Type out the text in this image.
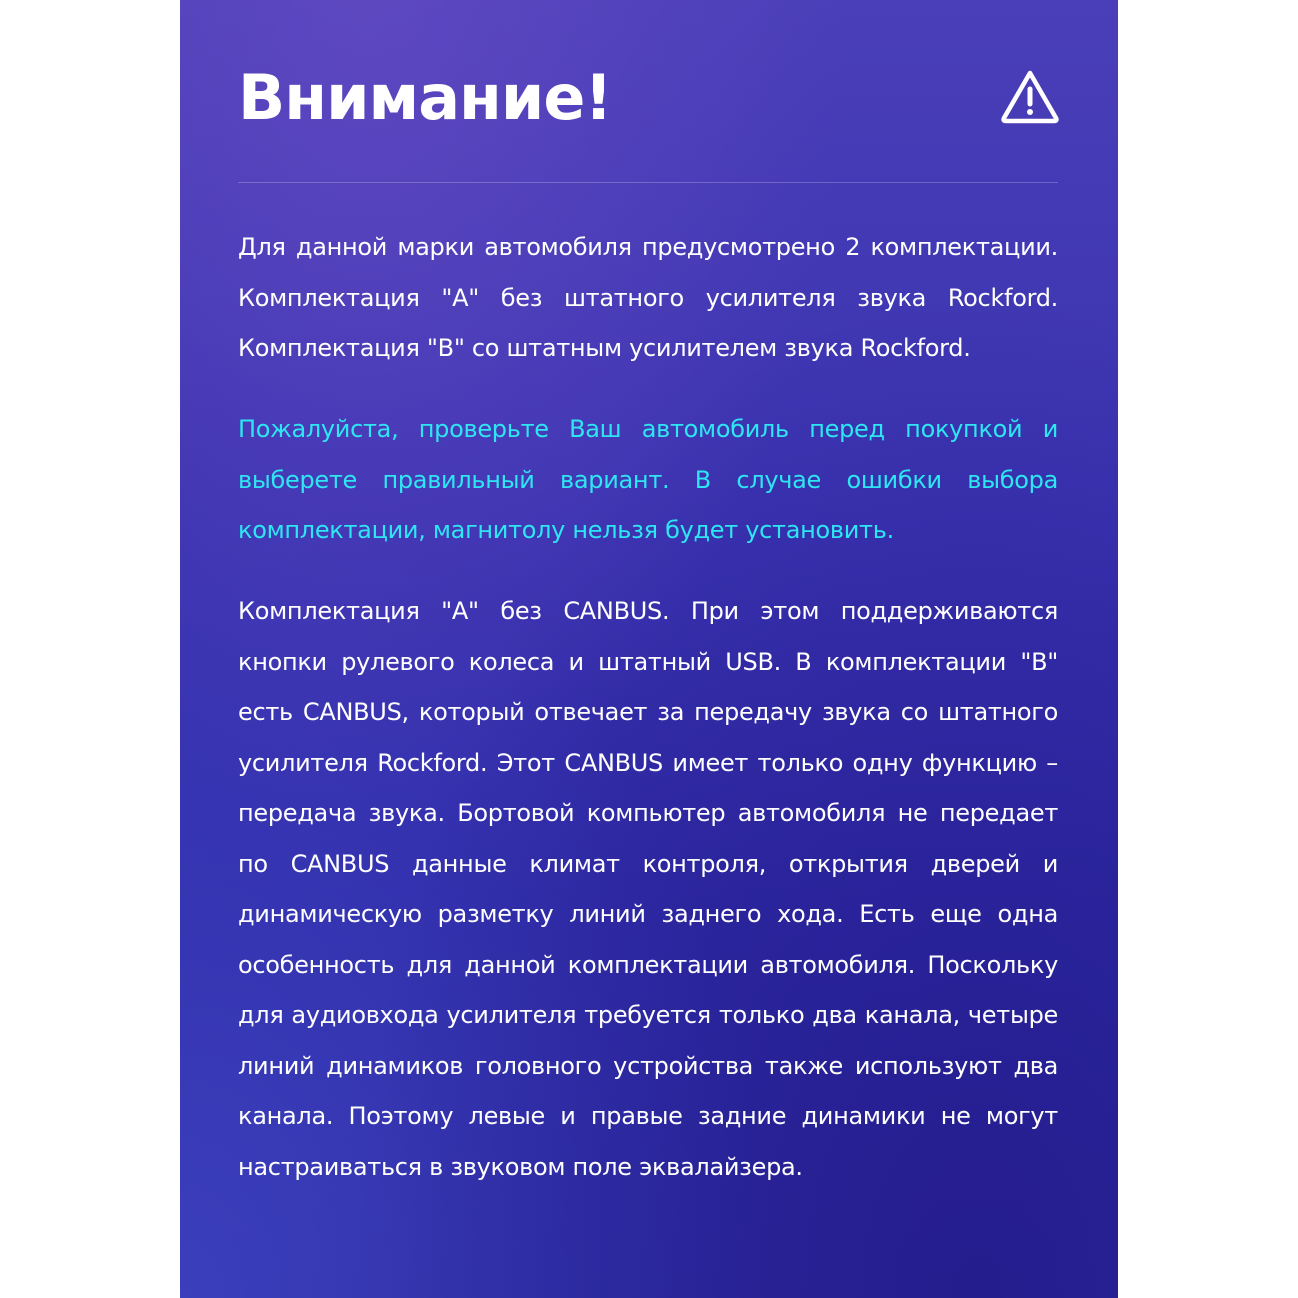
Внимание!

Для данной марки автомобиля предусмотрено 2 комплектации. Комплектация "A" без штатного усилителя звука Rockford. Комплектация "B" со штатным усилителем звука Rockford.

Пожалуйста, проверьте Ваш автомобиль перед покупкой и выберете правильный вариант. В случае ошибки выбора комплектации, магнитолу нельзя будет установить.

Комплектация "A" без CANBUS. При этом поддерживаются кнопки рулевого колеса и штатный USB. В комплектации "B" есть CANBUS, который отвечает за передачу звука со штатного усилителя Rockford. Этот CANBUS имеет только одну функцию – передача звука. Бортовой компьютер автомобиля не передает по CANBUS данные климат контроля, открытия дверей и динамическую разметку линий заднего хода. Есть еще одна особенность для данной комплектации автомобиля. Поскольку для аудиовхода усилителя требуется только два канала, четыре линий динамиков головного устройства также используют два канала. Поэтому левые и правые задние динамики не могут настраиваться в звуковом поле эквалайзера.
